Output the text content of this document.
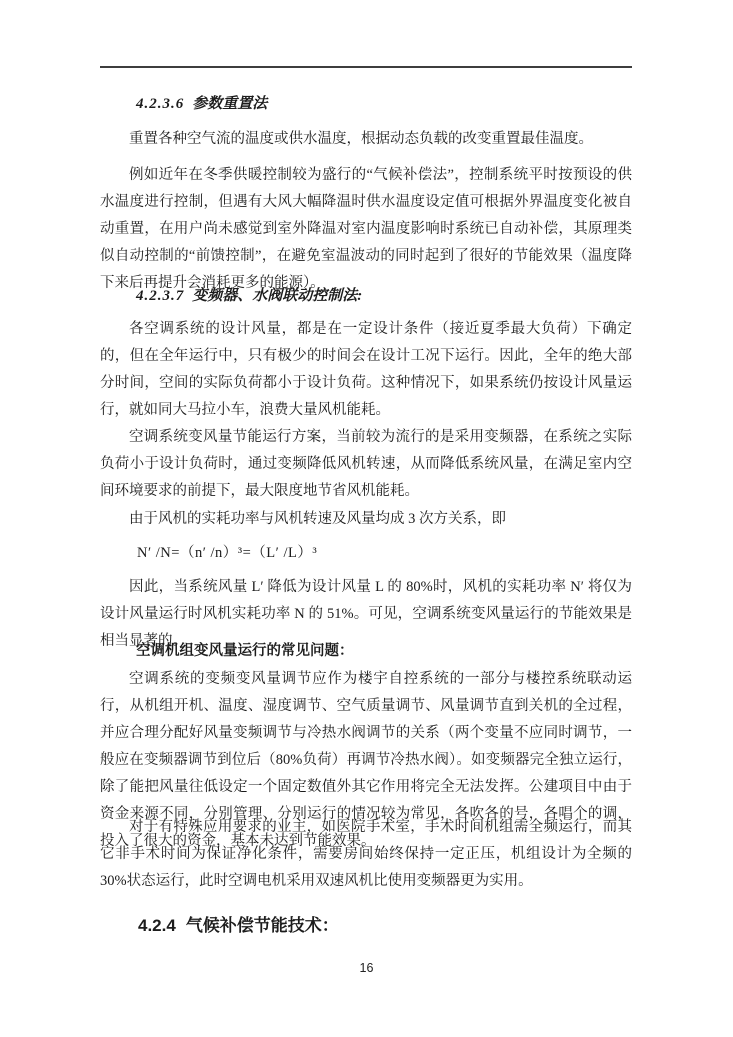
4.2.3.6 参数重置法

重置各种空气流的温度或供水温度，根据动态负载的改变重置最佳温度。

例如近年在冬季供暖控制较为盛行的“气候补偿法”，控制系统平时按预设的供水温度进行控制，但遇有大风大幅降温时供水温度设定值可根据外界温度变化被自动重置，在用户尚未感觉到室外降温对室内温度影响时系统已自动补偿，其原理类似自动控制的“前馈控制”，在避免室温波动的同时起到了很好的节能效果（温度降下来后再提升会消耗更多的能源）。

4.2.3.7 变频器、水阀联动控制法:

各空调系统的设计风量，都是在一定设计条件（接近夏季最大负荷）下确定的，但在全年运行中，只有极少的时间会在设计工况下运行。因此，全年的绝大部分时间，空间的实际负荷都小于设计负荷。这种情况下，如果系统仍按设计风量运行，就如同大马拉小车，浪费大量风机能耗。

空调系统变风量节能运行方案，当前较为流行的是采用变频器，在系统之实际负荷小于设计负荷时，通过变频降低风机转速，从而降低系统风量，在满足室内空间环境要求的前提下，最大限度地节省风机能耗。

由于风机的实耗功率与风机转速及风量均成 3 次方关系，即

N′ /N=（n′ /n）³=（L′ /L）³

因此，当系统风量 L′ 降低为设计风量 L 的 80%时，风机的实耗功率 N′ 将仅为设计风量运行时风机实耗功率 N 的 51%。可见，空调系统变风量运行的节能效果是相当显著的。

空调机组变风量运行的常见问题：

空调系统的变频变风量调节应作为楼宇自控系统的一部分与楼控系统联动运行，从机组开机、温度、湿度调节、空气质量调节、风量调节直到关机的全过程，并应合理分配好风量变频调节与冷热水阀调节的关系（两个变量不应同时调节，一般应在变频器调节到位后（80%负荷）再调节冷热水阀）。如变频器完全独立运行，除了能把风量往低设定一个固定数值外其它作用将完全无法发挥。公建项目中由于资金来源不同，分别管理、分别运行的情况较为常见，各吹各的号，各唱个的调，投入了很大的资金，基本未达到节能效果。

对于有特殊应用要求的业主，如医院手术室，手术时间机组需全频运行，而其它非手术时间为保证净化条件，需要房间始终保持一定正压，机组设计为全频的 30%状态运行，此时空调电机采用双速风机比使用变频器更为实用。

4.2.4 气候补偿节能技术：
16
